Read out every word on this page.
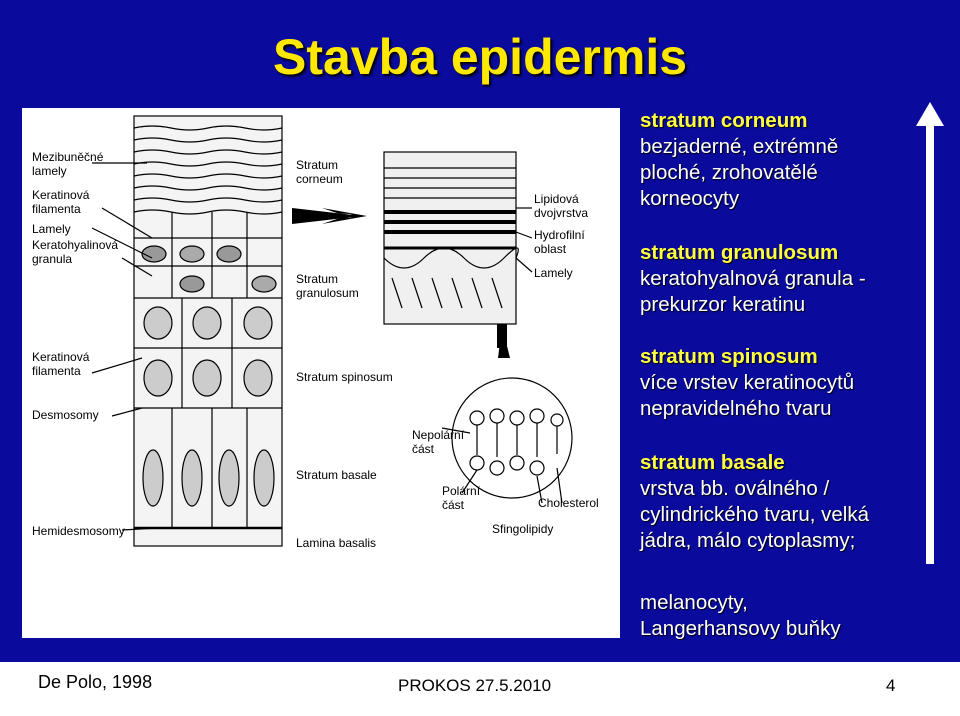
Stavba epidermis
Mezibuněčné
lamely
Keratinová
filamenta
Lamely
Keratohyalinová
granula
Keratinová
filamenta
Desmosomy
Hemidesmosomy
Stratum
corneum
Stratum
granulosum
Stratum spinosum
Stratum basale
Lamina basalis
Lipidová
dvojvrstva
Hydrofilní
oblast
Lamely
Nepolární
část
Polární
část	Cholesterol
Sfingolipidy
stratum corneum
bezjaderné, extrémně
ploché, zrohovatělé
korneocyty
stratum granulosum
keratohyalnová granula -
prekurzor keratinu
stratum spinosum
více vrstev keratinocytů
nepravidelného tvaru
stratum basale
vrstva bb. oválného /
cylindrického tvaru, velká
jádra, málo cytoplasmy;
melanocyty,
Langerhansovy buňky
De Polo, 1998	PROKOS 27.5.2010	4
